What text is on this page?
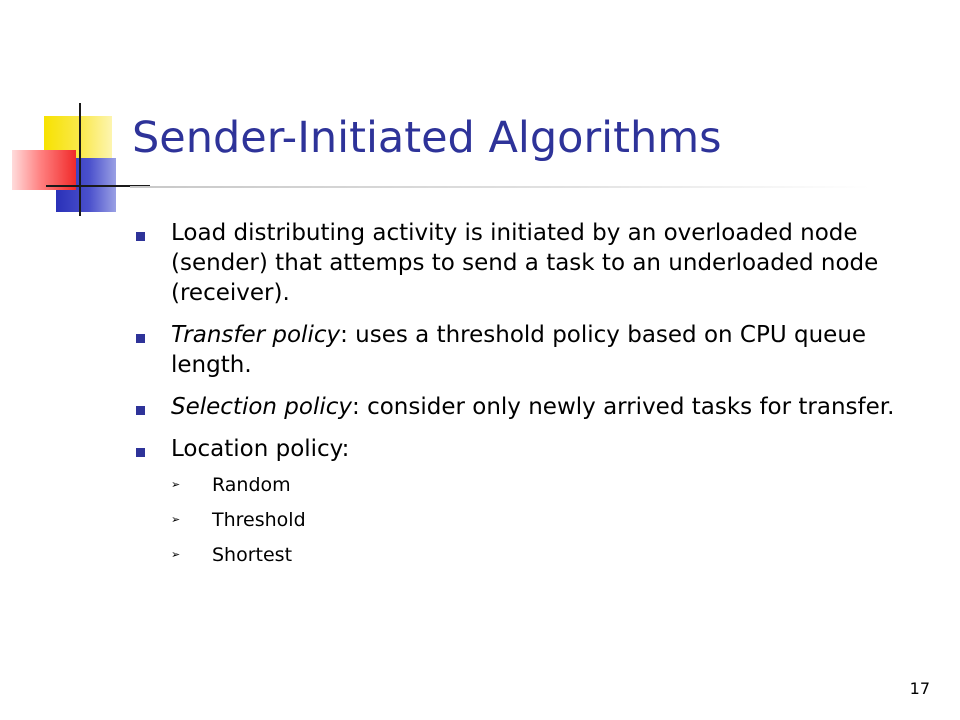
Sender-Initiated Algorithms
Load distributing activity is initiated by an overloaded node (sender) that attemps to send a task to an underloaded node (receiver).
Transfer policy: uses a threshold policy based on CPU queue length.
Selection policy: consider only newly arrived tasks for transfer.
Location policy:
➢ Random
➢ Threshold
➢ Shortest
17
